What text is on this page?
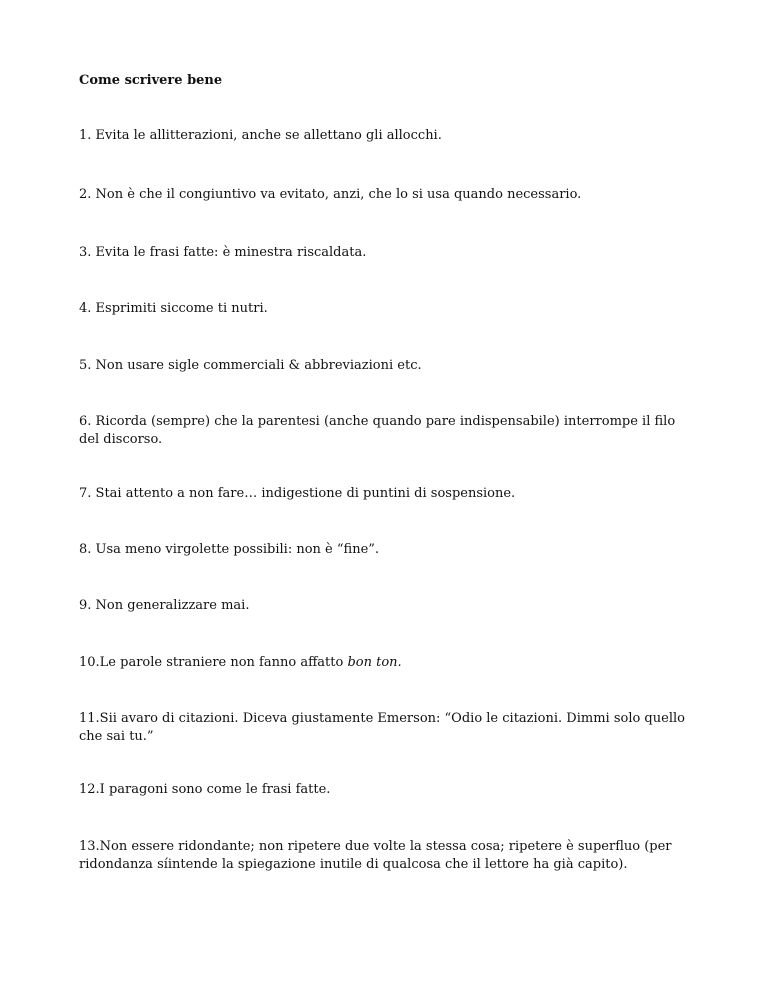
Come scrivere bene
1. Evita le allitterazioni, anche se allettano gli allocchi.
2. Non è che il congiuntivo va evitato, anzi, che lo si usa quando necessario.
3. Evita le frasi fatte: è minestra riscaldata.
4. Esprimiti siccome ti nutri.
5. Non usare sigle commerciali & abbreviazioni etc.
6. Ricorda (sempre) che la parentesi (anche quando pare indispensabile) interrompe il filo
del discorso.
7. Stai attento a non fare… indigestione di puntini di sospensione.
8. Usa meno virgolette possibili: non è “fine”.
9. Non generalizzare mai.
10.Le parole straniere non fanno affatto bon ton.
11.Sii avaro di citazioni. Diceva giustamente Emerson: “Odio le citazioni. Dimmi solo quello
che sai tu.”
12.I paragoni sono come le frasi fatte.
13.Non essere ridondante; non ripetere due volte la stessa cosa; ripetere è superfluo (per
ridondanza síintende la spiegazione inutile di qualcosa che il lettore ha già capito).
